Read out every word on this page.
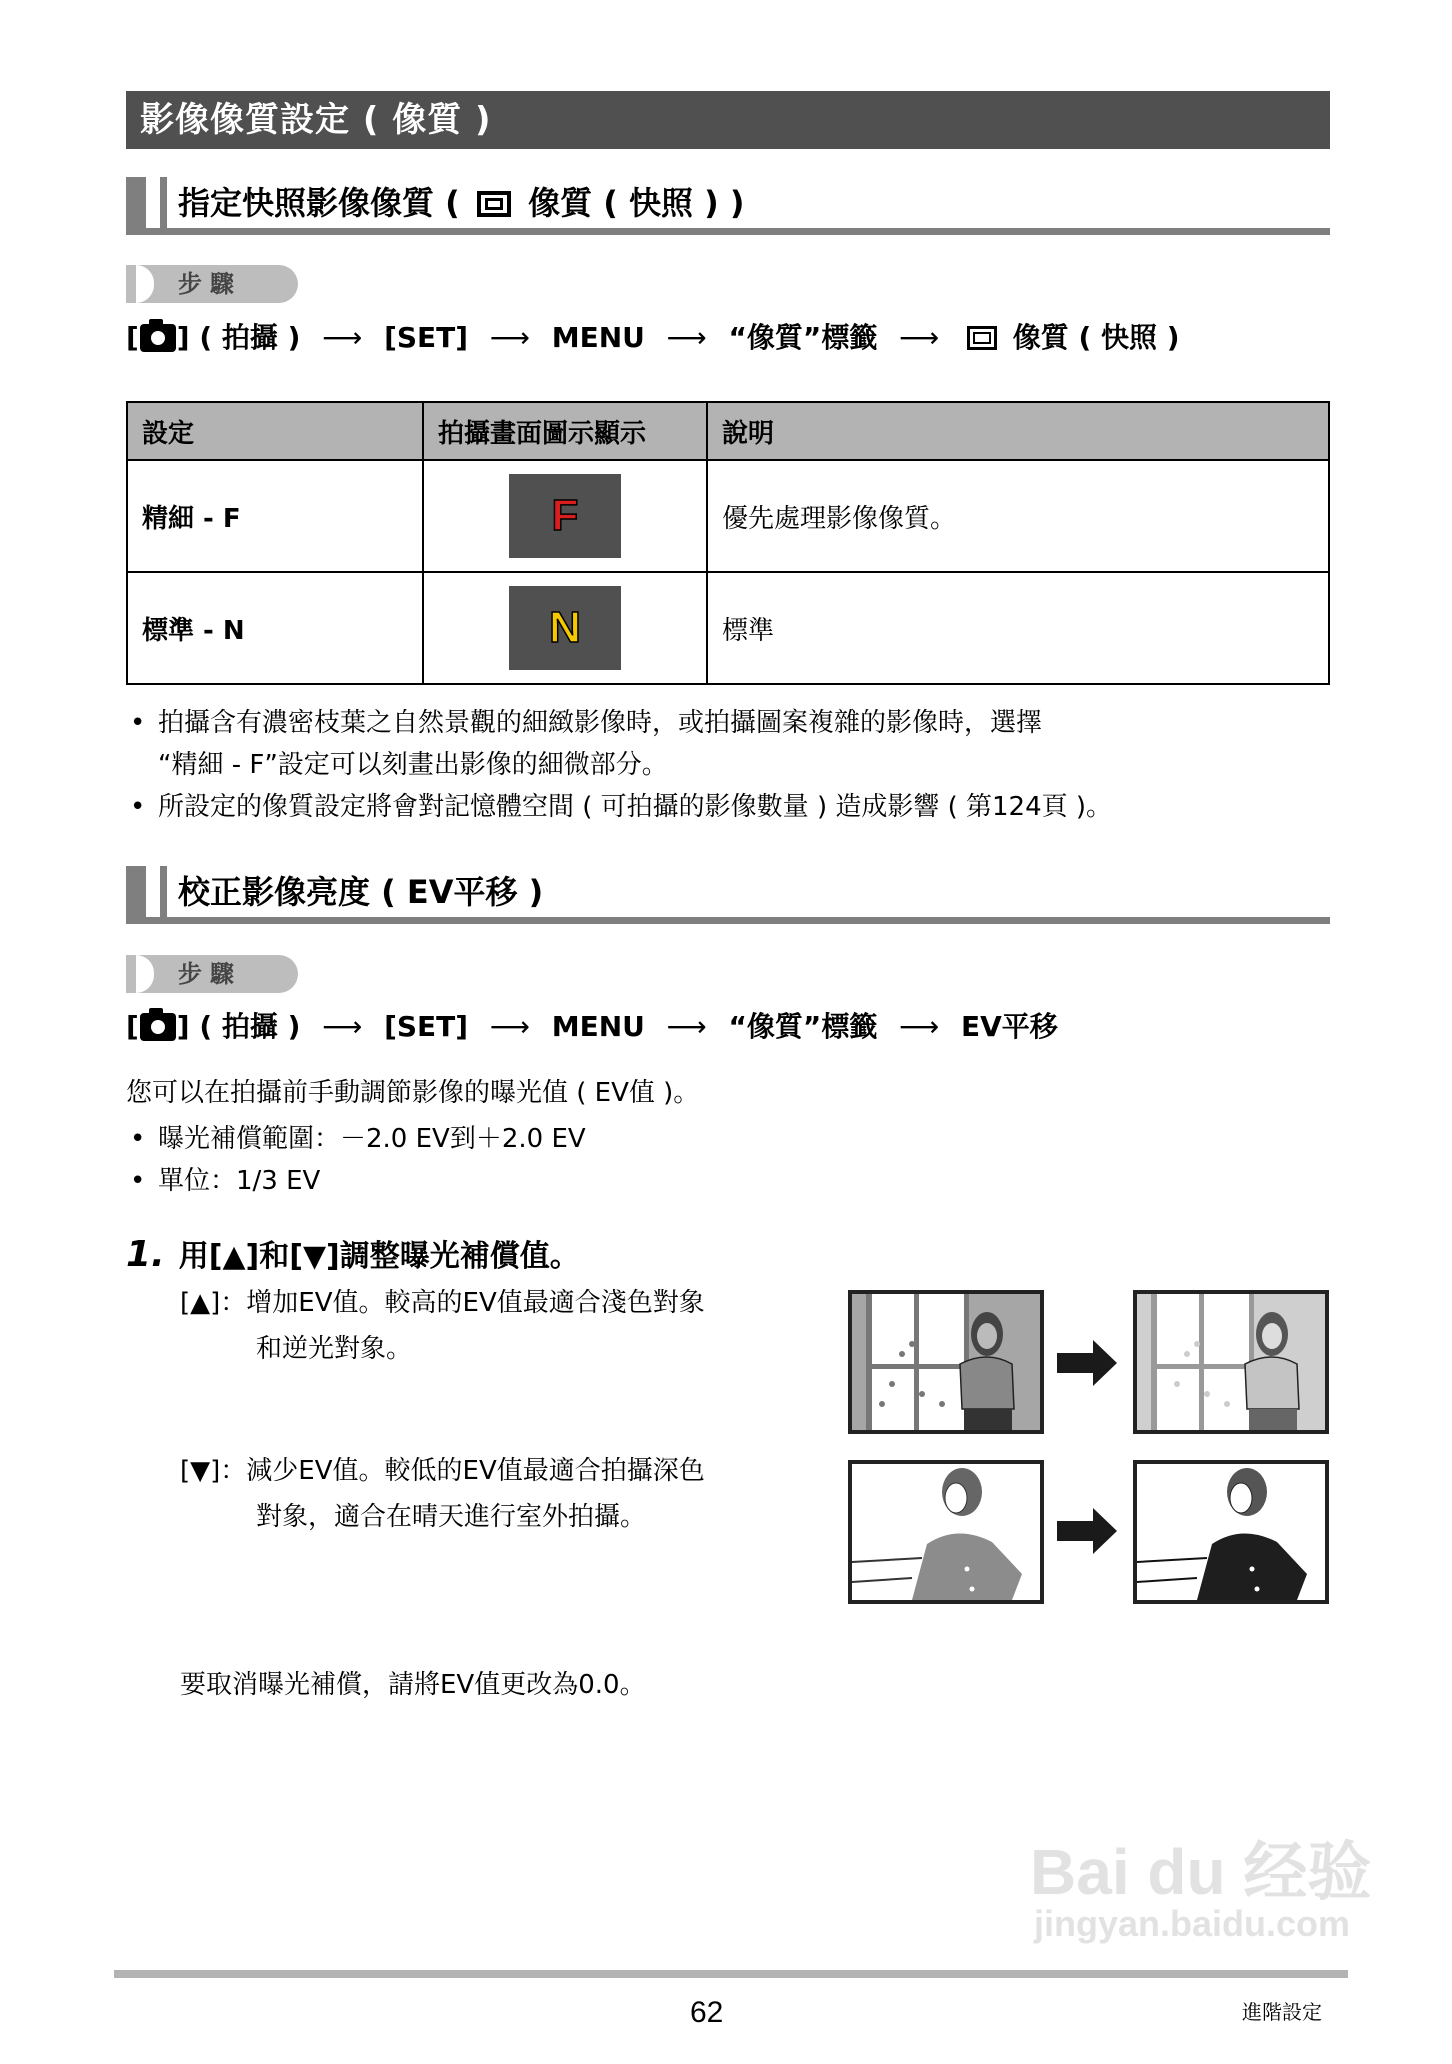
影像像質設定 ( 像質 )
指定快照影像像質 ( 像質 ( 快照 ) )
步驟
[ ] ( 拍攝 ) ⟶ [SET] ⟶ MENU ⟶ “像質”標籤 ⟶	像質 ( 快照 )
設定	拍攝畫面圖示顯示	說明
精細 - F	F	優先處理影像像質。
標準 - N	N	標準
• 拍攝含有濃密枝葉之自然景觀的細緻影像時，或拍攝圖案複雜的影像時，選擇
“精細 - F”設定可以刻畫出影像的細微部分。
• 所設定的像質設定將會對記憶體空間 ( 可拍攝的影像數量 ) 造成影響 ( 第124頁 )。
校正影像亮度 ( EV平移 )
步驟
[ ] ( 拍攝 ) ⟶ [SET] ⟶ MENU ⟶ “像質”標籤 ⟶ EV平移
您可以在拍攝前手動調節影像的曝光值 ( EV值 )。
• 曝光補償範圍：－2.0 EV到＋2.0 EV
• 單位：1/3 EV
1. 用[▲]和[▼]調整曝光補償值。
[▲]：增加EV值。較高的EV值最適合淺色對象
和逆光對象。
[▼]：減少EV值。較低的EV值最適合拍攝深色
對象，適合在晴天進行室外拍攝。
要取消曝光補償，請將EV值更改為0.0。
Bai du 经验
jingyan.baidu.com
62	進階設定
